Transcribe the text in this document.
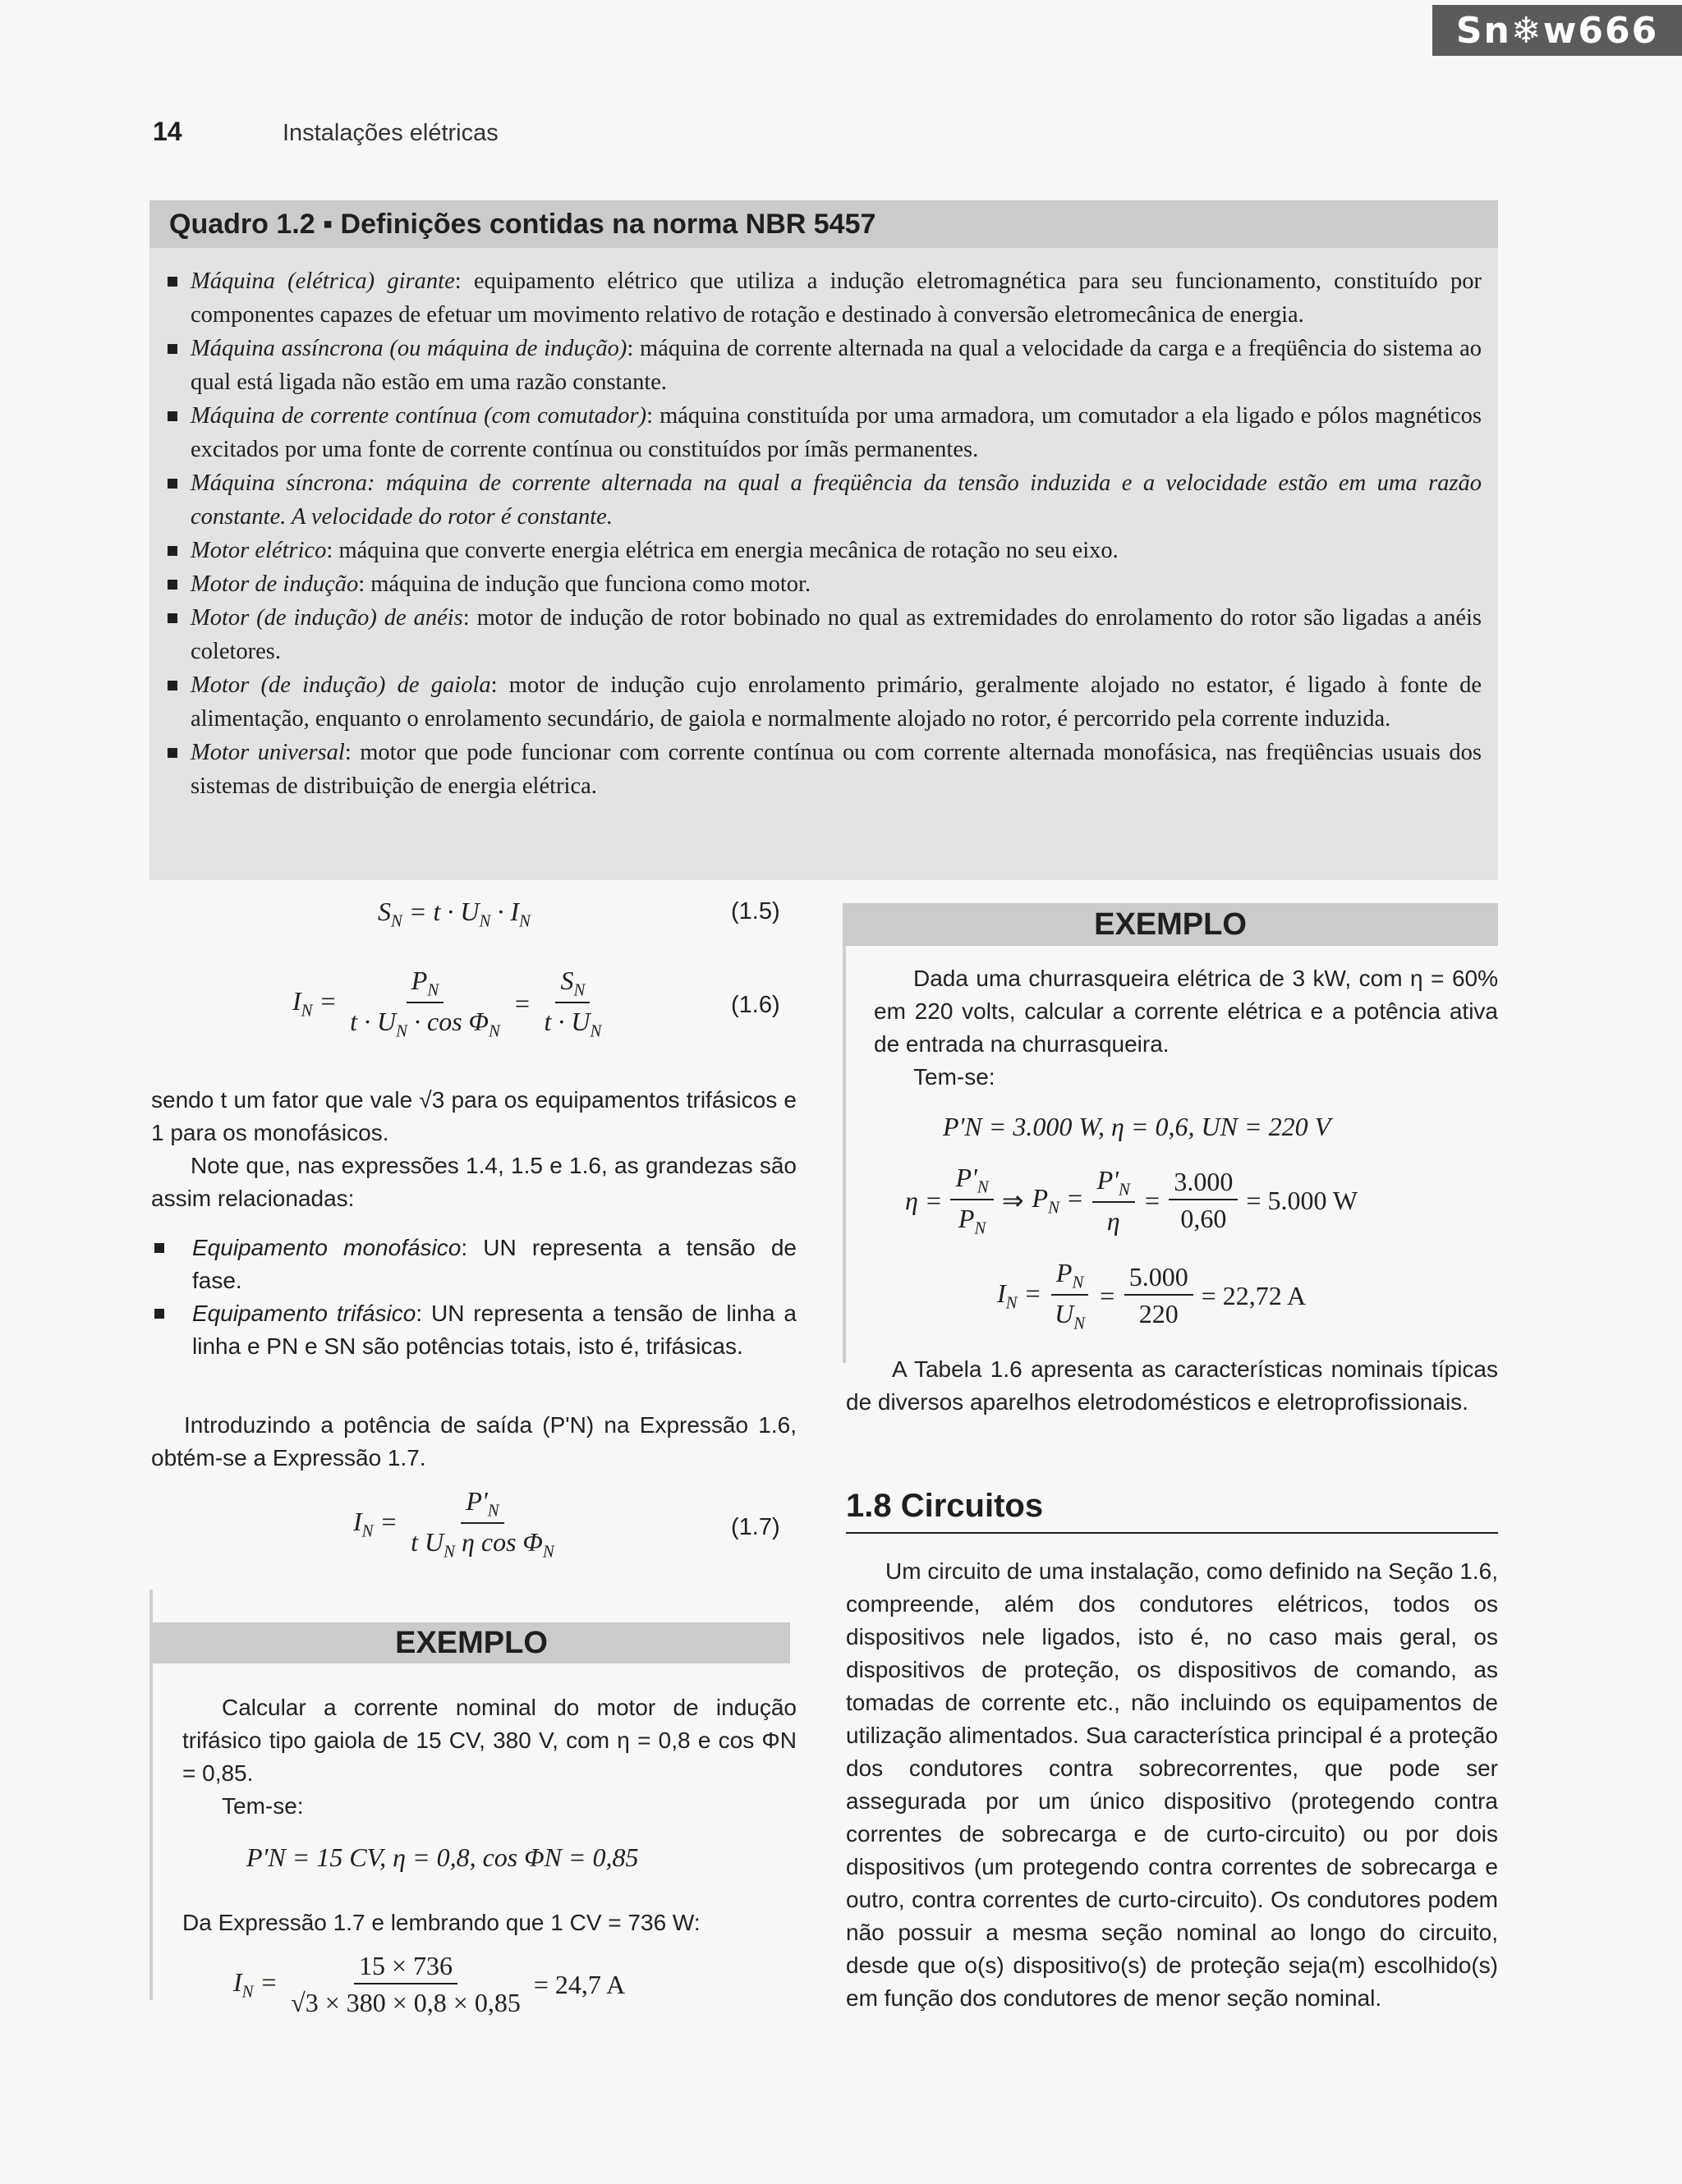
Sn❄w666
14	Instalações elétricas
Quadro 1.2 ▪ Definições contidas na norma NBR 5457
Máquina (elétrica) girante: equipamento elétrico que utiliza a indução eletromagnética para seu funcionamento, constituído por componentes capazes de efetuar um movimento relativo de rotação e destinado à conversão eletromecânica de energia.
Máquina assíncrona (ou máquina de indução): máquina de corrente alternada na qual a velocidade da carga e a freqüência do sistema ao qual está ligada não estão em uma razão constante.
Máquina de corrente contínua (com comutador): máquina constituída por uma armadora, um comutador a ela ligado e pólos magnéticos excitados por uma fonte de corrente contínua ou constituídos por ímãs permanentes.
Máquina síncrona: máquina de corrente alternada na qual a freqüência da tensão induzida e a velocidade estão em uma razão constante. A velocidade do rotor é constante.
Motor elétrico: máquina que converte energia elétrica em energia mecânica de rotação no seu eixo.
Motor de indução: máquina de indução que funciona como motor.
Motor (de indução) de anéis: motor de indução de rotor bobinado no qual as extremidades do enrolamento do rotor são ligadas a anéis coletores.
Motor (de indução) de gaiola: motor de indução cujo enrolamento primário, geralmente alojado no estator, é ligado à fonte de alimentação, enquanto o enrolamento secundário, de gaiola e normalmente alojado no rotor, é percorrido pela corrente induzida.
Motor universal: motor que pode funcionar com corrente contínua ou com corrente alternada monofásica, nas freqüências usuais dos sistemas de distribuição de energia elétrica.
$S_N = t \cdot U_N \cdot I_N$	(1.5)
$I_N = \frac{P_N}{t \cdot U_N \cdot \cos \Phi_N} = \frac{S_N}{t \cdot U_N}$	(1.6)
sendo t um fator que vale √3 para os equipamentos trifásicos e 1 para os monofásicos.
Note que, nas expressões 1.4, 1.5 e 1.6, as grandezas são assim relacionadas:
Equipamento monofásico: UN representa a tensão de fase.
Equipamento trifásico: UN representa a tensão de linha a linha e PN e SN são potências totais, isto é, trifásicas.
Introduzindo a potência de saída (P'N) na Expressão 1.6, obtém-se a Expressão 1.7.
$I_N = \frac{P'_N}{t U_N \eta \cos \Phi_N}$	(1.7)
EXEMPLO
Calcular a corrente nominal do motor de indução trifásico tipo gaiola de 15 CV, 380 V, com η = 0,8 e cos ΦN = 0,85.
Tem-se:
P'N = 15 CV, η = 0,8, cos ΦN = 0,85
Da Expressão 1.7 e lembrando que 1 CV = 736 W:
$I_N = \frac{15 \times 736}{√3 \times 380 \times 0,8 \times 0,85} = 24,7$ A
EXEMPLO
Dada uma churrasqueira elétrica de 3 kW, com η = 60% em 220 volts, calcular a corrente elétrica e a potência ativa de entrada na churrasqueira.
Tem-se:
P'N = 3.000 W, η = 0,6, UN = 220 V
$\eta = \frac{P'_N}{P_N}$ ⇒ $P_N = \frac{P'_N}{\eta} = \frac{3.000}{0,60} = 5.000$ W
$I_N = \frac{P_N}{U_N} = \frac{5.000}{220} = 22,72$ A
A Tabela 1.6 apresenta as características nominais típicas de diversos aparelhos eletrodomésticos e eletroprofissionais.
1.8 Circuitos
Um circuito de uma instalação, como definido na Seção 1.6, compreende, além dos condutores elétricos, todos os dispositivos nele ligados, isto é, no caso mais geral, os dispositivos de proteção, os dispositivos de comando, as tomadas de corrente etc., não incluindo os equipamentos de utilização alimentados. Sua característica principal é a proteção dos condutores contra sobrecorrentes, que pode ser assegurada por um único dispositivo (protegendo contra correntes de sobrecarga e de curto-circuito) ou por dois dispositivos (um protegendo contra correntes de sobrecarga e outro, contra correntes de curto-circuito). Os condutores podem não possuir a mesma seção nominal ao longo do circuito, desde que o(s) dispositivo(s) de proteção seja(m) escolhido(s) em função dos condutores de menor seção nominal.
